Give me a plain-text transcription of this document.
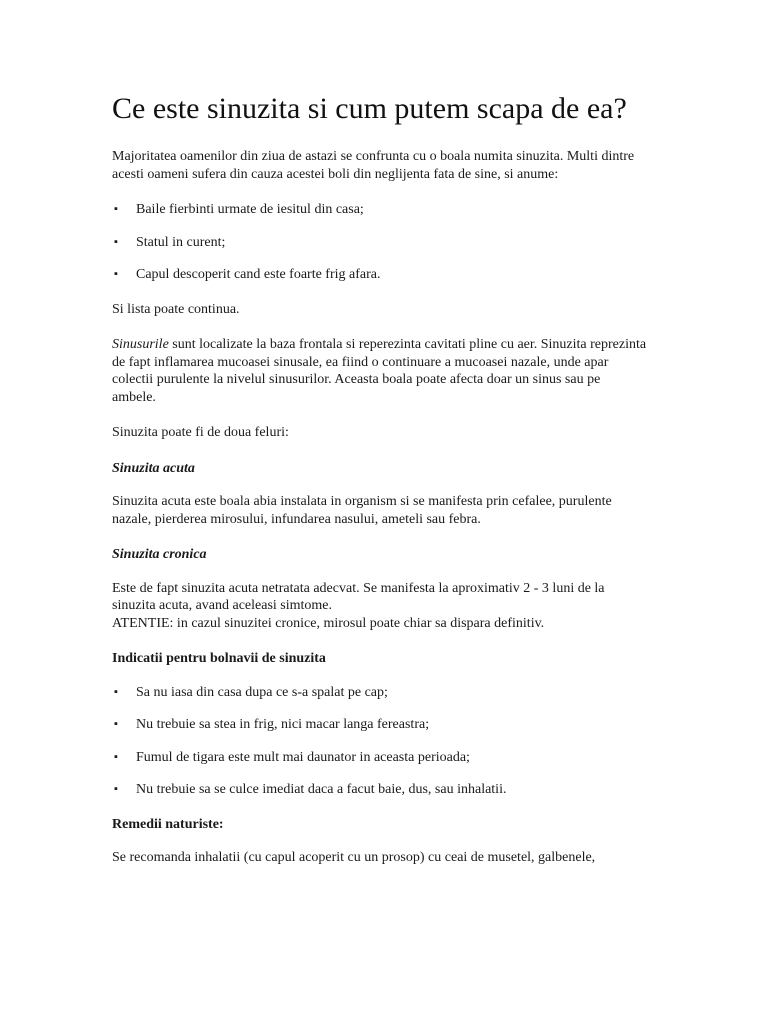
Ce este sinuzita si cum putem scapa de ea?

Majoritatea oamenilor din ziua de astazi se confrunta cu o boala numita sinuzita. Multi dintre acesti oameni sufera din cauza acestei boli din neglijenta fata de sine, si anume:

▪ Baile fierbinti urmate de iesitul din casa;
▪ Statul in curent;
▪ Capul descoperit cand este foarte frig afara.

Si lista poate continua.

Sinusurile sunt localizate la baza frontala si reperezinta cavitati pline cu aer. Sinuzita reprezinta de fapt inflamarea mucoasei sinusale, ea fiind o continuare a mucoasei nazale, unde apar colectii purulente la nivelul sinusurilor. Aceasta boala poate afecta doar un sinus sau pe ambele.

Sinuzita poate fi de doua feluri:

Sinuzita acuta

Sinuzita acuta este boala abia instalata in organism si se manifesta prin cefalee, purulente nazale, pierderea mirosului, infundarea nasului, ameteli sau febra.

Sinuzita cronica

Este de fapt sinuzita acuta netratata adecvat. Se manifesta la aproximativ 2 - 3 luni de la sinuzita acuta, avand aceleasi simtome.
ATENTIE: in cazul sinuzitei cronice, mirosul poate chiar sa dispara definitiv.

Indicatii pentru bolnavii de sinuzita

▪ Sa nu iasa din casa dupa ce s-a spalat pe cap;
▪ Nu trebuie sa stea in frig, nici macar langa fereastra;
▪ Fumul de tigara este mult mai daunator in aceasta perioada;
▪ Nu trebuie sa se culce imediat daca a facut baie, dus, sau inhalatii.

Remedii naturiste:

Se recomanda inhalatii (cu capul acoperit cu un prosop) cu ceai de musetel, galbenele,
